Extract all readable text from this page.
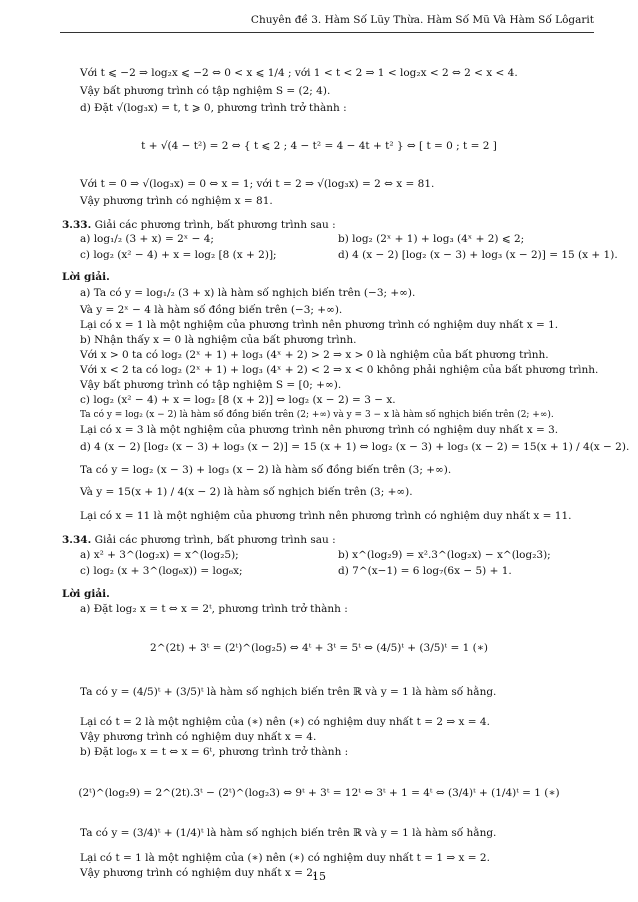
Chuyên đề 3. Hàm Số Lũy Thừa. Hàm Số Mũ Và Hàm Số Lôgarit
Với t ⩽ −2 ⇒ log₂x ⩽ −2 ⇔ 0 < x ⩽ 1/4 ; với 1 < t < 2 ⇒ 1 < log₂x < 2 ⇔ 2 < x < 4.
Vậy bất phương trình có tập nghiệm S = (2; 4).
d) Đặt √(log₃x) = t, t ⩾ 0, phương trình trở thành :
t + √(4 − t²) = 2 ⇔ { t ⩽ 2 ; 4 − t² = 4 − 4t + t² } ⇔ [ t = 0 ; t = 2 ]
Với t = 0 ⇒ √(log₃x) = 0 ⇔ x = 1; với t = 2 ⇒ √(log₃x) = 2 ⇔ x = 81.
Vậy phương trình có nghiệm x = 81.
3.33. Giải các phương trình, bất phương trình sau :
a) log₁/₂ (3 + x) = 2ˣ − 4;	b) log₂ (2ˣ + 1) + log₃ (4ˣ + 2) ⩽ 2;
c) log₂ (x² − 4) + x = log₂ [8 (x + 2)];	d) 4 (x − 2) [log₂ (x − 3) + log₃ (x − 2)] = 15 (x + 1).
Lời giải.
a) Ta có y = log₁/₂ (3 + x) là hàm số nghịch biến trên (−3; +∞).
Và y = 2ˣ − 4 là hàm số đồng biến trên (−3; +∞).
Lại có x = 1 là một nghiệm của phương trình nên phương trình có nghiệm duy nhất x = 1.
b) Nhận thấy x = 0 là nghiệm của bất phương trình.
Với x > 0 ta có log₂ (2ˣ + 1) + log₃ (4ˣ + 2) > 2 ⇒ x > 0 là nghiệm của bất phương trình.
Với x < 2 ta có log₂ (2ˣ + 1) + log₃ (4ˣ + 2) < 2 ⇒ x < 0 không phải nghiệm của bất phương trình.
Vậy bất phương trình có tập nghiệm S = [0; +∞).
c) log₂ (x² − 4) + x = log₂ [8 (x + 2)] ⇔ log₂ (x − 2) = 3 − x.
Ta có y = log₂ (x − 2) là hàm số đồng biến trên (2; +∞) và y = 3 − x là hàm số nghịch biến trên (2; +∞).
Lại có x = 3 là một nghiệm của phương trình nên phương trình có nghiệm duy nhất x = 3.
d) 4 (x − 2) [log₂ (x − 3) + log₃ (x − 2)] = 15 (x + 1) ⇔ log₂ (x − 3) + log₃ (x − 2) = 15(x + 1) / 4(x − 2).
Ta có y = log₂ (x − 3) + log₃ (x − 2) là hàm số đồng biến trên (3; +∞).
Và y = 15(x + 1) / 4(x − 2) là hàm số nghịch biến trên (3; +∞).
Lại có x = 11 là một nghiệm của phương trình nên phương trình có nghiệm duy nhất x = 11.
3.34. Giải các phương trình, bất phương trình sau :
a) x² + 3^(log₂x) = x^(log₂5);	b) x^(log₂9) = x².3^(log₂x) − x^(log₂3);
c) log₂ (x + 3^(log₆x)) = log₆x;	d) 7^(x−1) = 6 log₇(6x − 5) + 1.
Lời giải.
a) Đặt log₂ x = t ⇔ x = 2ᵗ, phương trình trở thành :
2^(2t) + 3ᵗ = (2ᵗ)^(log₂5) ⇔ 4ᵗ + 3ᵗ = 5ᵗ ⇔ (4/5)ᵗ + (3/5)ᵗ = 1 (∗)
Ta có y = (4/5)ᵗ + (3/5)ᵗ là hàm số nghịch biến trên ℝ và y = 1 là hàm số hằng.
Lại có t = 2 là một nghiệm của (∗) nên (∗) có nghiệm duy nhất t = 2 ⇒ x = 4.
Vậy phương trình có nghiệm duy nhất x = 4.
b) Đặt log₆ x = t ⇔ x = 6ᵗ, phương trình trở thành :
(2ᵗ)^(log₂9) = 2^(2t).3ᵗ − (2ᵗ)^(log₂3) ⇔ 9ᵗ + 3ᵗ = 12ᵗ ⇔ 3ᵗ + 1 = 4ᵗ ⇔ (3/4)ᵗ + (1/4)ᵗ = 1 (∗)
Ta có y = (3/4)ᵗ + (1/4)ᵗ là hàm số nghịch biến trên ℝ và y = 1 là hàm số hằng.
Lại có t = 1 là một nghiệm của (∗) nên (∗) có nghiệm duy nhất t = 1 ⇒ x = 2.
Vậy phương trình có nghiệm duy nhất x = 2.
15
